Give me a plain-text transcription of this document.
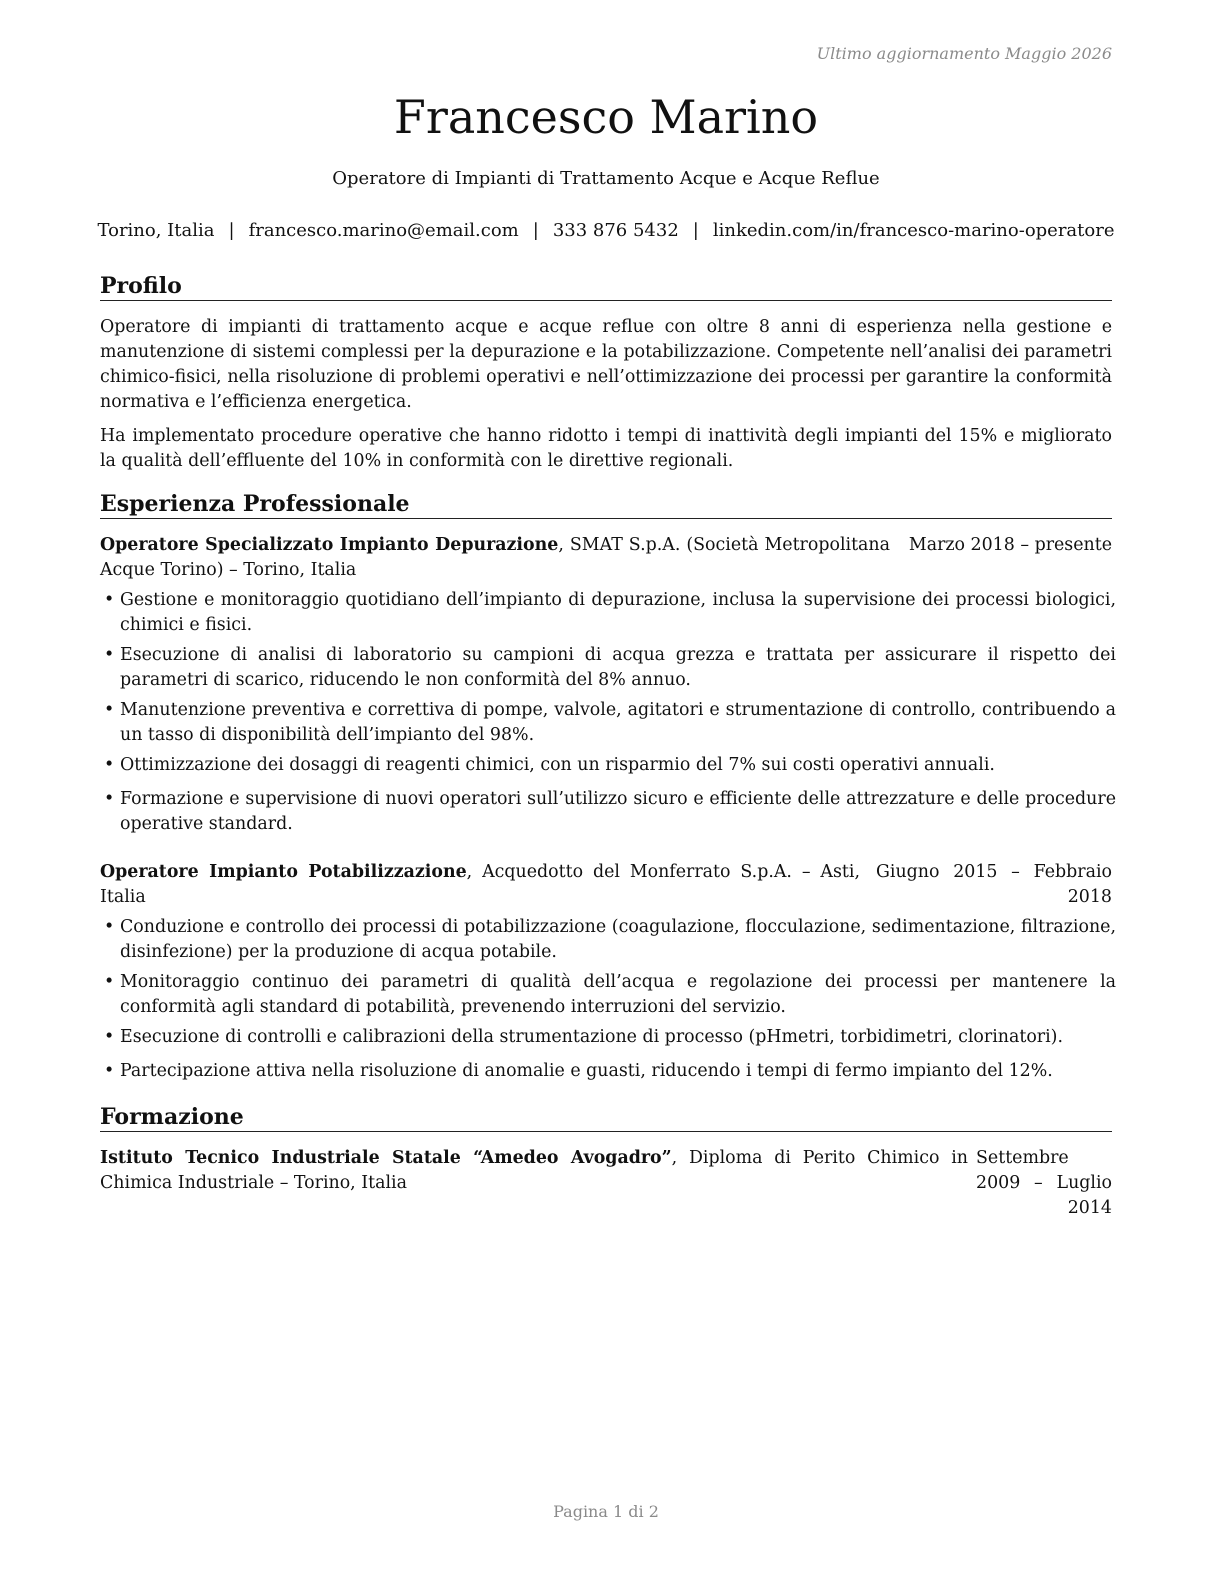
Ultimo aggiornamento Maggio 2026
Francesco Marino
Operatore di Impianti di Trattamento Acque e Acque Reflue
Torino, Italia | francesco.marino@email.com | 333 876 5432 | linkedin.com/in/francesco-marino-operatore
Profilo
Operatore di impianti di trattamento acque e acque reflue con oltre 8 anni di esperienza nella gestione e manutenzione di sistemi complessi per la depurazione e la potabilizzazione. Competente nell’analisi dei parametri chimico-fisici, nella risoluzione di problemi operativi e nell’ottimizzazione dei processi per garantire la conformità normativa e l’efficienza energetica.
Ha implementato procedure operative che hanno ridotto i tempi di inattività degli impianti del 15% e migliorato la qualità dell’effluente del 10% in conformità con le direttive regionali.
Esperienza Professionale
Operatore Specializzato Impianto Depurazione, SMAT S.p.A. (Società Metropolitana Acque Torino) – Torino, Italia
Marzo 2018 – presente
• Gestione e monitoraggio quotidiano dell’impianto di depurazione, inclusa la supervisione dei processi biologici, chimici e fisici.
• Esecuzione di analisi di laboratorio su campioni di acqua grezza e trattata per assicurare il rispetto dei parametri di scarico, riducendo le non conformità del 8% annuo.
• Manutenzione preventiva e correttiva di pompe, valvole, agitatori e strumentazione di controllo, contribuendo a un tasso di disponibilità dell’impianto del 98%.
• Ottimizzazione dei dosaggi di reagenti chimici, con un risparmio del 7% sui costi operativi annuali.
• Formazione e supervisione di nuovi operatori sull’utilizzo sicuro e efficiente delle attrezzature e delle procedure operative standard.
Operatore Impianto Potabilizzazione, Acquedotto del Monferrato S.p.A. – Asti, Italia
Giugno 2015 – Febbraio 2018
• Conduzione e controllo dei processi di potabilizzazione (coagulazione, flocculazione, sedimentazione, filtrazione, disinfezione) per la produzione di acqua potabile.
• Monitoraggio continuo dei parametri di qualità dell’acqua e regolazione dei processi per mantenere la conformità agli standard di potabilità, prevenendo interruzioni del servizio.
• Esecuzione di controlli e calibrazioni della strumentazione di processo (pHmetri, torbidimetri, clorinatori).
• Partecipazione attiva nella risoluzione di anomalie e guasti, riducendo i tempi di fermo impianto del 12%.
Formazione
Istituto Tecnico Industriale Statale “Amedeo Avogadro”, Diploma di Perito Chimico in Chimica Industriale – Torino, Italia
Settembre 2009 – Luglio 2014
Pagina 1 di 2
